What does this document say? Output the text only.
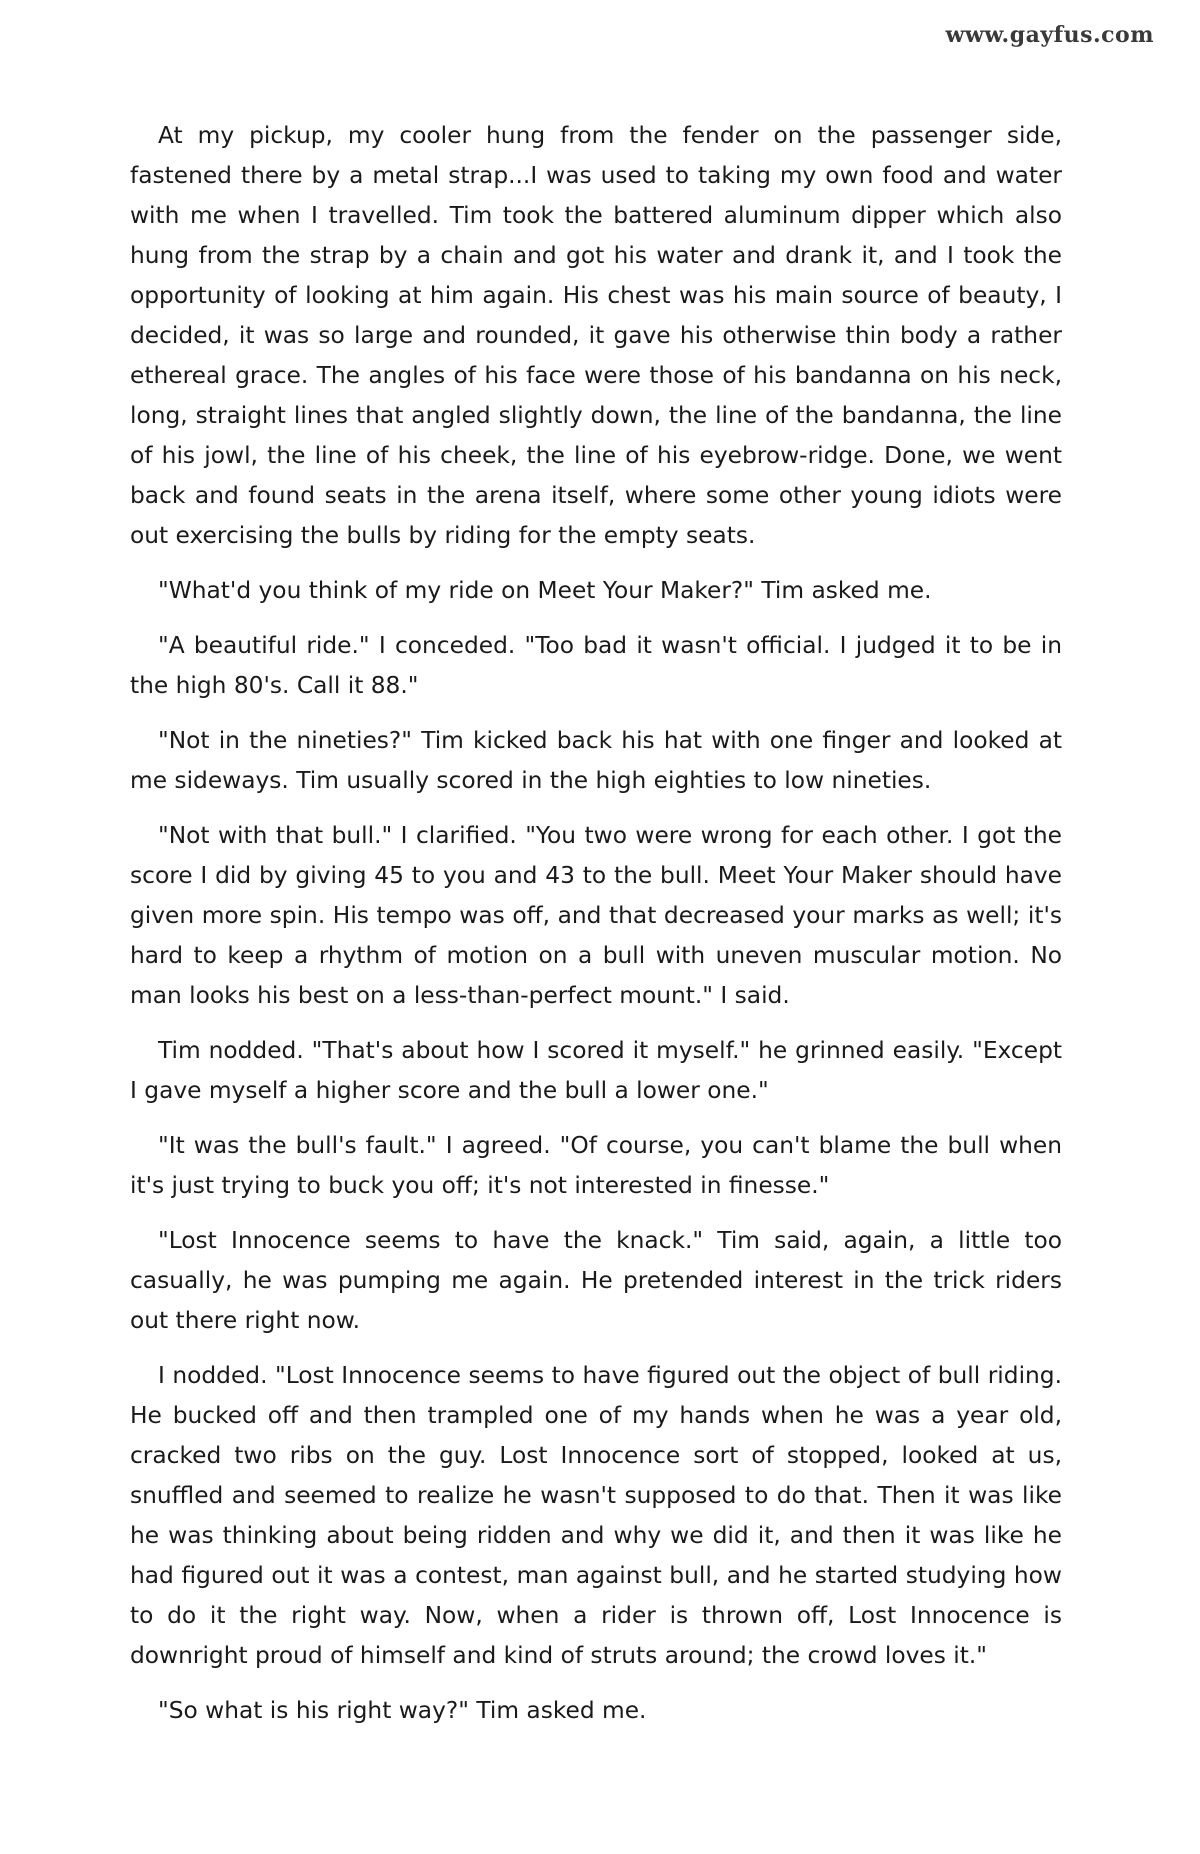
www.gayfus.com

At my pickup, my cooler hung from the fender on the passenger side, fastened there by a metal strap...I was used to taking my own food and water with me when I travelled. Tim took the battered aluminum dipper which also hung from the strap by a chain and got his water and drank it, and I took the opportunity of looking at him again. His chest was his main source of beauty, I decided, it was so large and rounded, it gave his otherwise thin body a rather ethereal grace. The angles of his face were those of his bandanna on his neck, long, straight lines that angled slightly down, the line of the bandanna, the line of his jowl, the line of his cheek, the line of his eyebrow-ridge. Done, we went back and found seats in the arena itself, where some other young idiots were out exercising the bulls by riding for the empty seats.

"What'd you think of my ride on Meet Your Maker?" Tim asked me.

"A beautiful ride." I conceded. "Too bad it wasn't official. I judged it to be in the high 80's. Call it 88."

"Not in the nineties?" Tim kicked back his hat with one finger and looked at me sideways. Tim usually scored in the high eighties to low nineties.

"Not with that bull." I clarified. "You two were wrong for each other. I got the score I did by giving 45 to you and 43 to the bull. Meet Your Maker should have given more spin. His tempo was off, and that decreased your marks as well; it's hard to keep a rhythm of motion on a bull with uneven muscular motion. No man looks his best on a less-than-perfect mount." I said.

Tim nodded. "That's about how I scored it myself." he grinned easily. "Except I gave myself a higher score and the bull a lower one."

"It was the bull's fault." I agreed. "Of course, you can't blame the bull when it's just trying to buck you off; it's not interested in finesse."

"Lost Innocence seems to have the knack." Tim said, again, a little too casually, he was pumping me again. He pretended interest in the trick riders out there right now.

I nodded. "Lost Innocence seems to have figured out the object of bull riding. He bucked off and then trampled one of my hands when he was a year old, cracked two ribs on the guy. Lost Innocence sort of stopped, looked at us, snuffled and seemed to realize he wasn't supposed to do that. Then it was like he was thinking about being ridden and why we did it, and then it was like he had figured out it was a contest, man against bull, and he started studying how to do it the right way. Now, when a rider is thrown off, Lost Innocence is downright proud of himself and kind of struts around; the crowd loves it."

"So what is his right way?" Tim asked me.
